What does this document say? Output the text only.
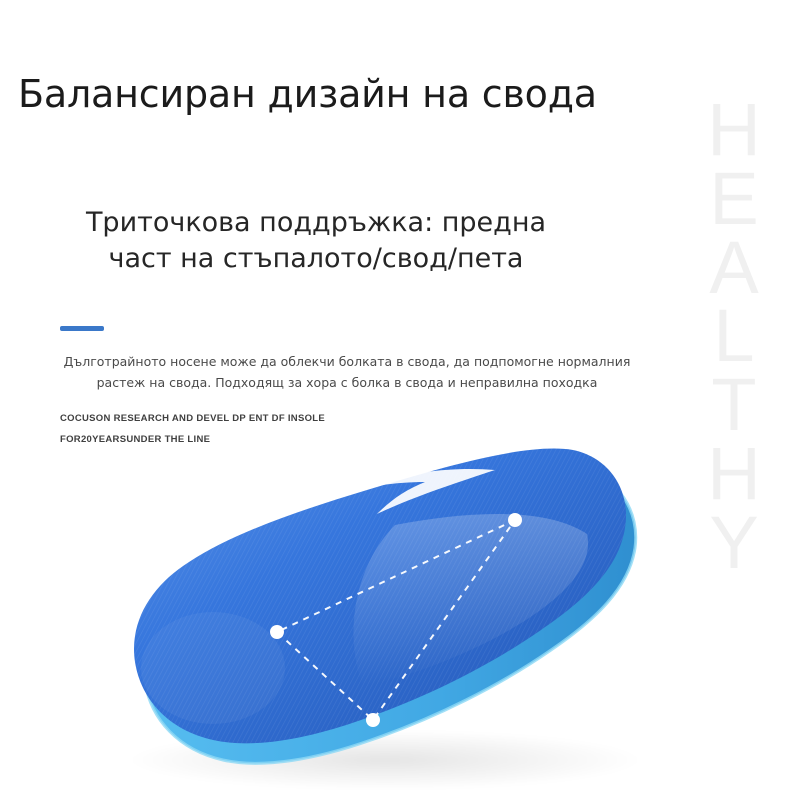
H
E
A
L
T
H
Y
Балансиран дизайн на свода
Триточкова поддръжка: предна
част на стъпалото/свод/пета
Дълготрайното носене може да облекчи болката в свода, да подпомогне нормалния растеж на свода. Подходящ за хора с болка в свода и неправилна походка
COCUSON RESEARCH AND DEVEL DP ENT DF INSOLE
FOR20YEARSUNDER THE LINE
